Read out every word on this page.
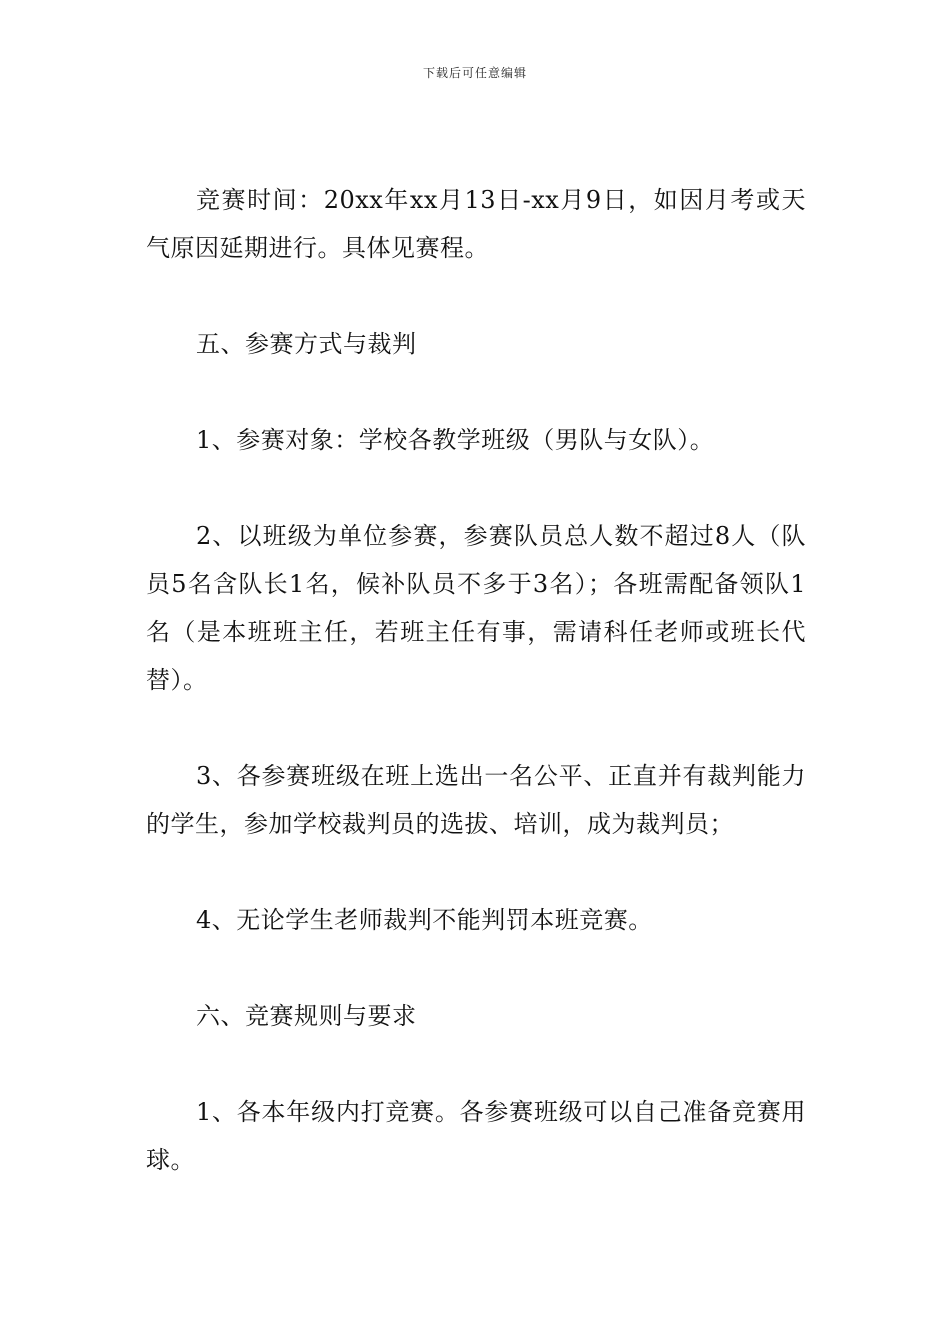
下载后可任意编辑

竞赛时间：20xx年xx月13日-xx月9日，如因月考或天气原因延期进行。具体见赛程。

五、参赛方式与裁判

1、参赛对象：学校各教学班级（男队与女队）。

2、以班级为单位参赛，参赛队员总人数不超过8人（队员5名含队长1名，候补队员不多于3名）；各班需配备领队1名（是本班班主任，若班主任有事，需请科任老师或班长代替）。

3、各参赛班级在班上选出一名公平、正直并有裁判能力的学生，参加学校裁判员的选拔、培训，成为裁判员；

4、无论学生老师裁判不能判罚本班竞赛。

六、竞赛规则与要求

1、各本年级内打竞赛。各参赛班级可以自己准备竞赛用球。
